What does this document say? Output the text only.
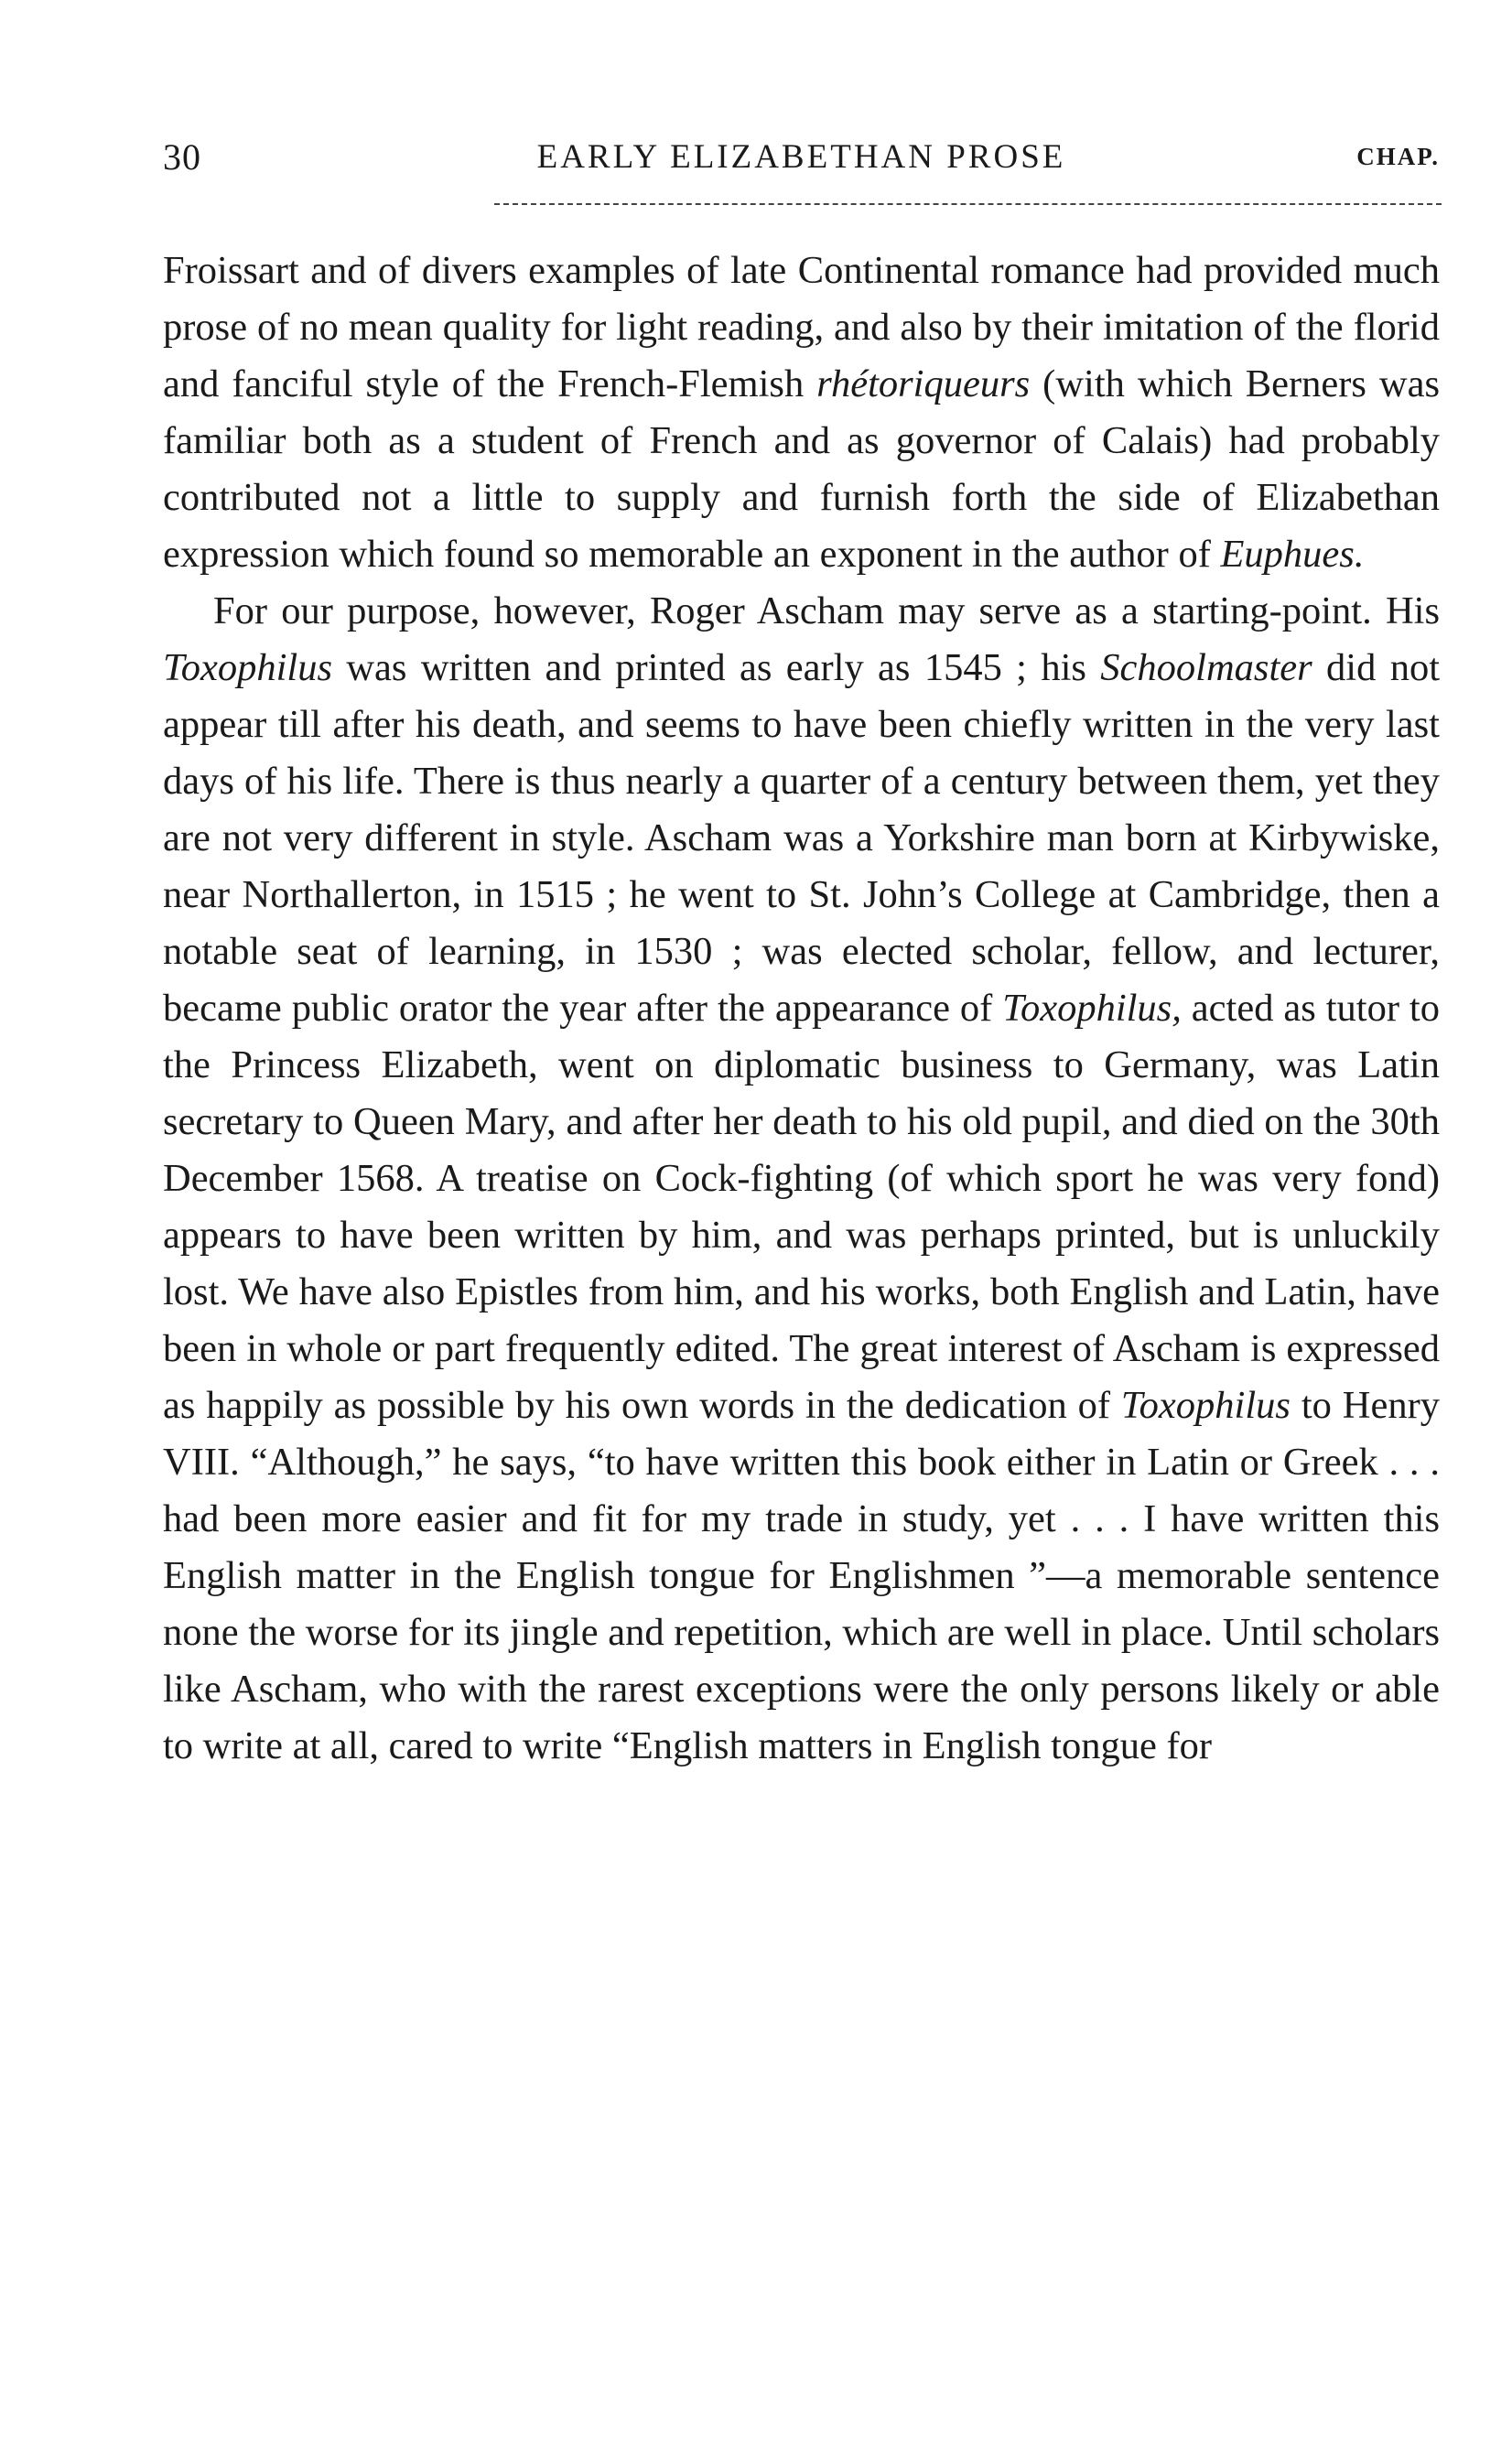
30	EARLY ELIZABETHAN PROSE	CHAP.

Froissart and of divers examples of late Continental romance had provided much prose of no mean quality for light reading, and also by their imitation of the florid and fanciful style of the French-Flemish rhétoriqueurs (with which Berners was familiar both as a student of French and as governor of Calais) had probably contributed not a little to supply and furnish forth the side of Elizabethan expression which found so memorable an exponent in the author of Euphues.

For our purpose, however, Roger Ascham may serve as a starting-point. His Toxophilus was written and printed as early as 1545 ; his Schoolmaster did not appear till after his death, and seems to have been chiefly written in the very last days of his life. There is thus nearly a quarter of a century between them, yet they are not very different in style. Ascham was a Yorkshire man born at Kirbywiske, near Northallerton, in 1515 ; he went to St. John’s College at Cambridge, then a notable seat of learning, in 1530 ; was elected scholar, fellow, and lecturer, became public orator the year after the appearance of Toxophilus, acted as tutor to the Princess Elizabeth, went on diplomatic business to Germany, was Latin secretary to Queen Mary, and after her death to his old pupil, and died on the 30th December 1568. A treatise on Cock-fighting (of which sport he was very fond) appears to have been written by him, and was perhaps printed, but is unluckily lost. We have also Epistles from him, and his works, both English and Latin, have been in whole or part frequently edited. The great interest of Ascham is expressed as happily as possible by his own words in the dedication of Toxophilus to Henry VIII. “Although,” he says, “to have written this book either in Latin or Greek . . . had been more easier and fit for my trade in study, yet . . . I have written this English matter in the English tongue for Englishmen ”—a memorable sentence none the worse for its jingle and repetition, which are well in place. Until scholars like Ascham, who with the rarest exceptions were the only persons likely or able to write at all, cared to write “English matters in English tongue for
